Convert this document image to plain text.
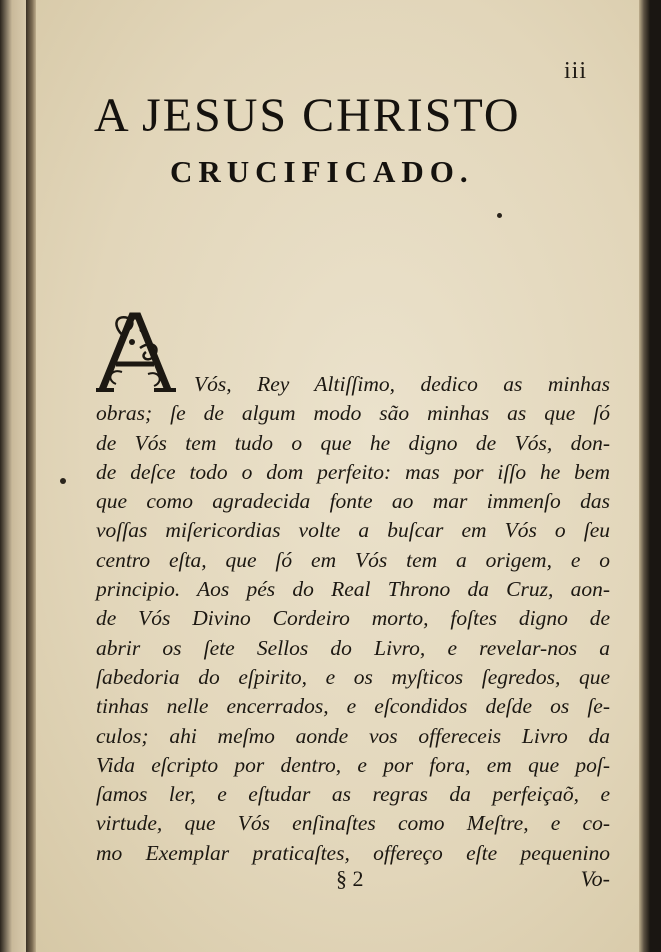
iii
A JESUS CHRISTO
CRUCIFICADO.
Vós, Rey Altiſſimo, dedico as minhas
obras; ſe de algum modo são minhas as que ſó
de Vós tem tudo o que he digno de Vós, don-
de deſce todo o dom perfeito: mas por iſſo he bem
que como agradecida fonte ao mar immenſo das
voſſas miſericordias volte a buſcar em Vós o ſeu
centro eſta, que ſó em Vós tem a origem, e o
principio. Aos pés do Real Throno da Cruz, aon-
de Vós Divino Cordeiro morto, foſtes digno de
abrir os ſete Sellos do Livro, e revelar-nos a
ſabedoria do eſpirito, e os myſticos ſegredos, que
tinhas nelle encerrados, e eſcondidos deſde os ſe-
culos; ahi meſmo aonde vos offereceis Livro da
Vida eſcripto por dentro, e por fora, em que poſ-
ſamos ler, e eſtudar as regras da perfeiçaõ, e
virtude, que Vós enſinaſtes como Meſtre, e co-
mo Exemplar praticaſtes, offereço eſte pequenino
§ 2	Vo-
